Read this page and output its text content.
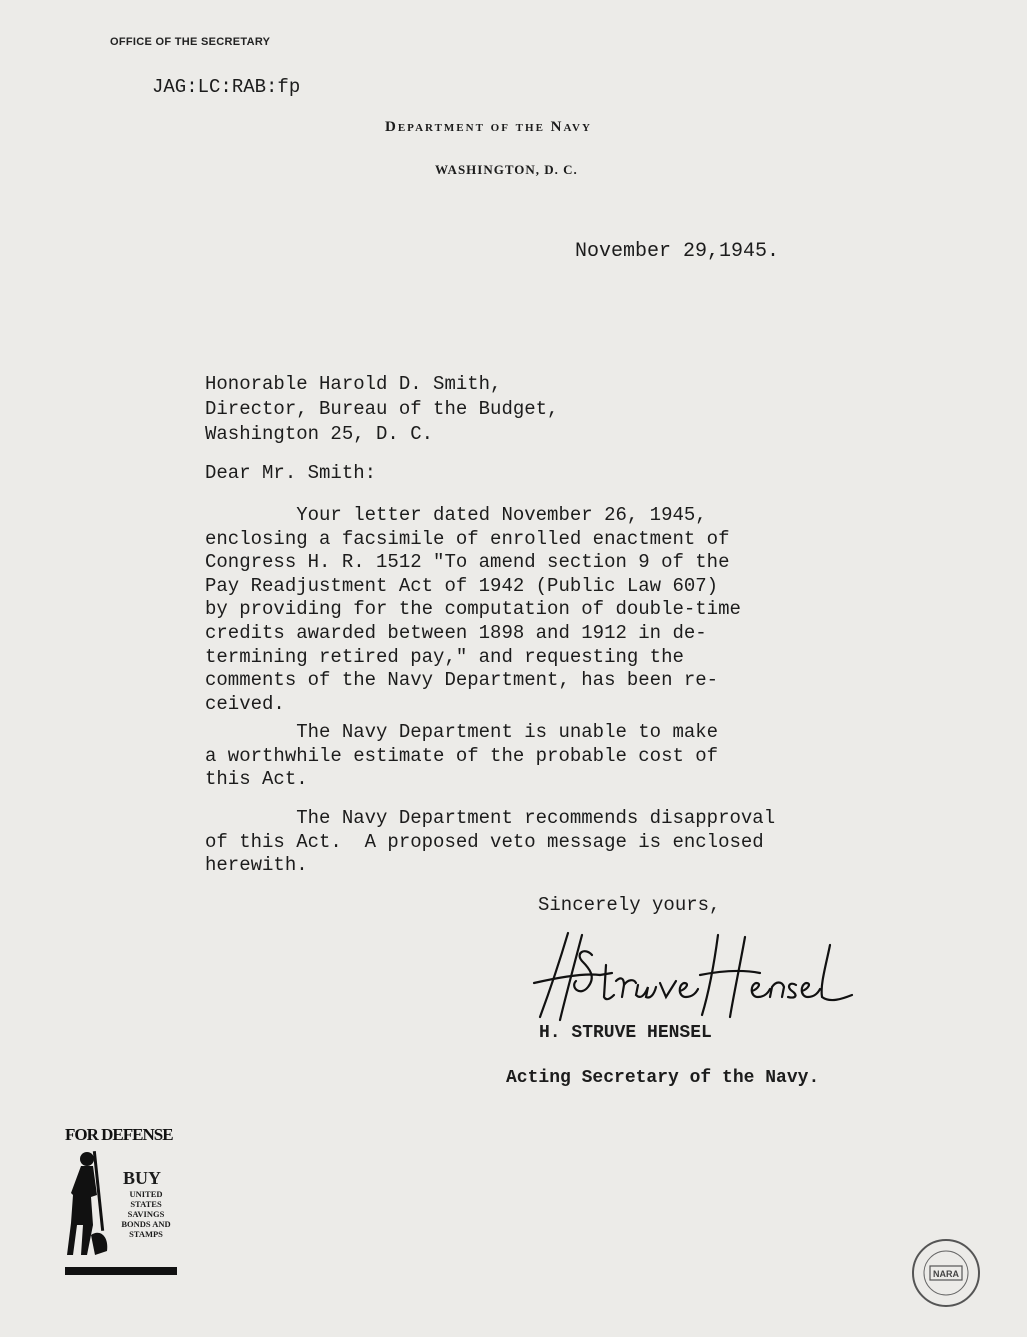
OFFICE OF THE SECRETARY
JAG:LC:RAB:fp
Department of the Navy
WASHINGTON, D. C.
November 29,1945.
Honorable Harold D. Smith,
Director, Bureau of the Budget,
Washington 25, D. C.
Dear Mr. Smith:
Your letter dated November 26, 1945,
enclosing a facsimile of enrolled enactment of
Congress H. R. 1512 "To amend section 9 of the
Pay Readjustment Act of 1942 (Public Law 607)
by providing for the computation of double-time
credits awarded between 1898 and 1912 in de-
termining retired pay," and requesting the
comments of the Navy Department, has been re-
ceived.
The Navy Department is unable to make
a worthwhile estimate of the probable cost of
this Act.
The Navy Department recommends disapproval
of this Act.  A proposed veto message is enclosed
herewith.
Sincerely yours,
H. STRUVE HENSEL
Acting Secretary of the Navy.
FOR DEFENSE
BUY
UNITED STATES SAVINGS BONDS AND STAMPS
NARA
